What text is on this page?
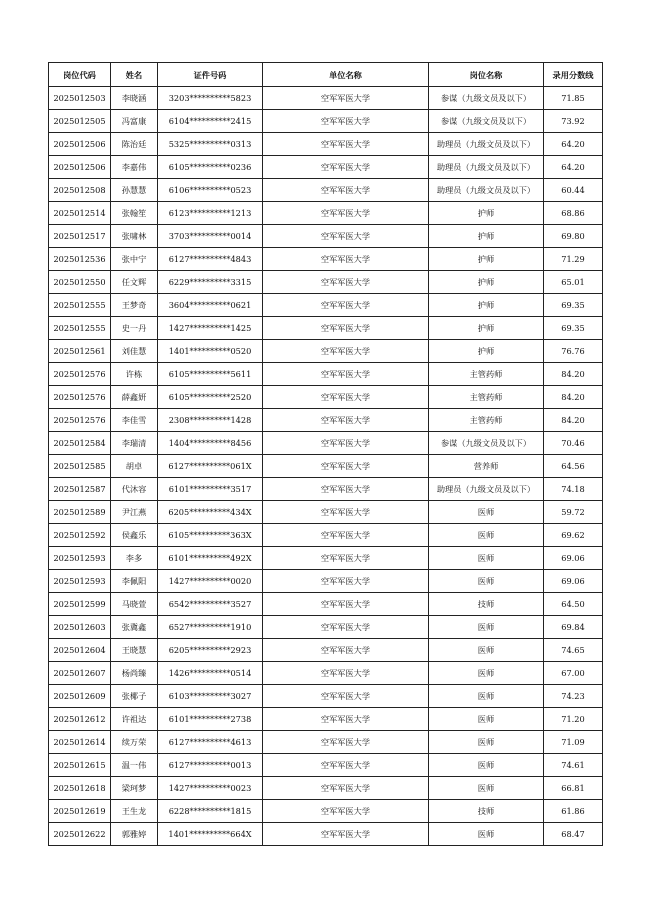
岗位代码	姓名	证件号码	单位名称	岗位名称	录用分数线
2025012503	李晓涵	3203**********5823	空军军医大学	参谋（九级文员及以下）	71.85
2025012505	冯富康	6104**********2415	空军军医大学	参谋（九级文员及以下）	73.92
2025012506	陈治廷	5325**********0313	空军军医大学	助理员（九级文员及以下）	64.20
2025012506	李嘉伟	6105**********0236	空军军医大学	助理员（九级文员及以下）	64.20
2025012508	孙慧慧	6106**********0523	空军军医大学	助理员（九级文员及以下）	60.44
2025012514	张翰笙	6123**********1213	空军军医大学	护师	68.86
2025012517	张啸林	3703**********0014	空军军医大学	护师	69.80
2025012536	张中宁	6127**********4843	空军军医大学	护师	71.29
2025012550	任文辉	6229**********3315	空军军医大学	护师	65.01
2025012555	王梦奇	3604**********0621	空军军医大学	护师	69.35
2025012555	史一丹	1427**********1425	空军军医大学	护师	69.35
2025012561	刘佳慧	1401**********0520	空军军医大学	护师	76.76
2025012576	许栋	6105**********5611	空军军医大学	主管药师	84.20
2025012576	薛鑫妍	6105**********2520	空军军医大学	主管药师	84.20
2025012576	李佳雪	2308**********1428	空军军医大学	主管药师	84.20
2025012584	李瑞清	1404**********8456	空军军医大学	参谋（九级文员及以下）	70.46
2025012585	胡卓	6127**********061X	空军军医大学	营养师	64.56
2025012587	代沐容	6101**********3517	空军军医大学	助理员（九级文员及以下）	74.18
2025012589	尹江燕	6205**********434X	空军军医大学	医师	59.72
2025012592	侯鑫乐	6105**********363X	空军军医大学	医师	69.62
2025012593	李多	6101**********492X	空军军医大学	医师	69.06
2025012593	李佩阳	1427**********0020	空军军医大学	医师	69.06
2025012599	马晓萱	6542**********3527	空军军医大学	技师	64.50
2025012603	张冀鑫	6527**********1910	空军军医大学	医师	69.84
2025012604	王晓慧	6205**********2923	空军军医大学	医师	74.65
2025012607	杨尚臻	1426**********0514	空军军医大学	医师	67.00
2025012609	张椰子	6103**********3027	空军军医大学	医师	74.23
2025012612	许祖达	6101**********2738	空军军医大学	医师	71.20
2025012614	续万荣	6127**********4613	空军军医大学	医师	71.09
2025012615	温一伟	6127**********0013	空军军医大学	医师	74.61
2025012618	梁珂梦	1427**********0023	空军军医大学	医师	66.81
2025012619	王生龙	6228**********1815	空军军医大学	技师	61.86
2025012622	郭雅婷	1401**********664X	空军军医大学	医师	68.47
